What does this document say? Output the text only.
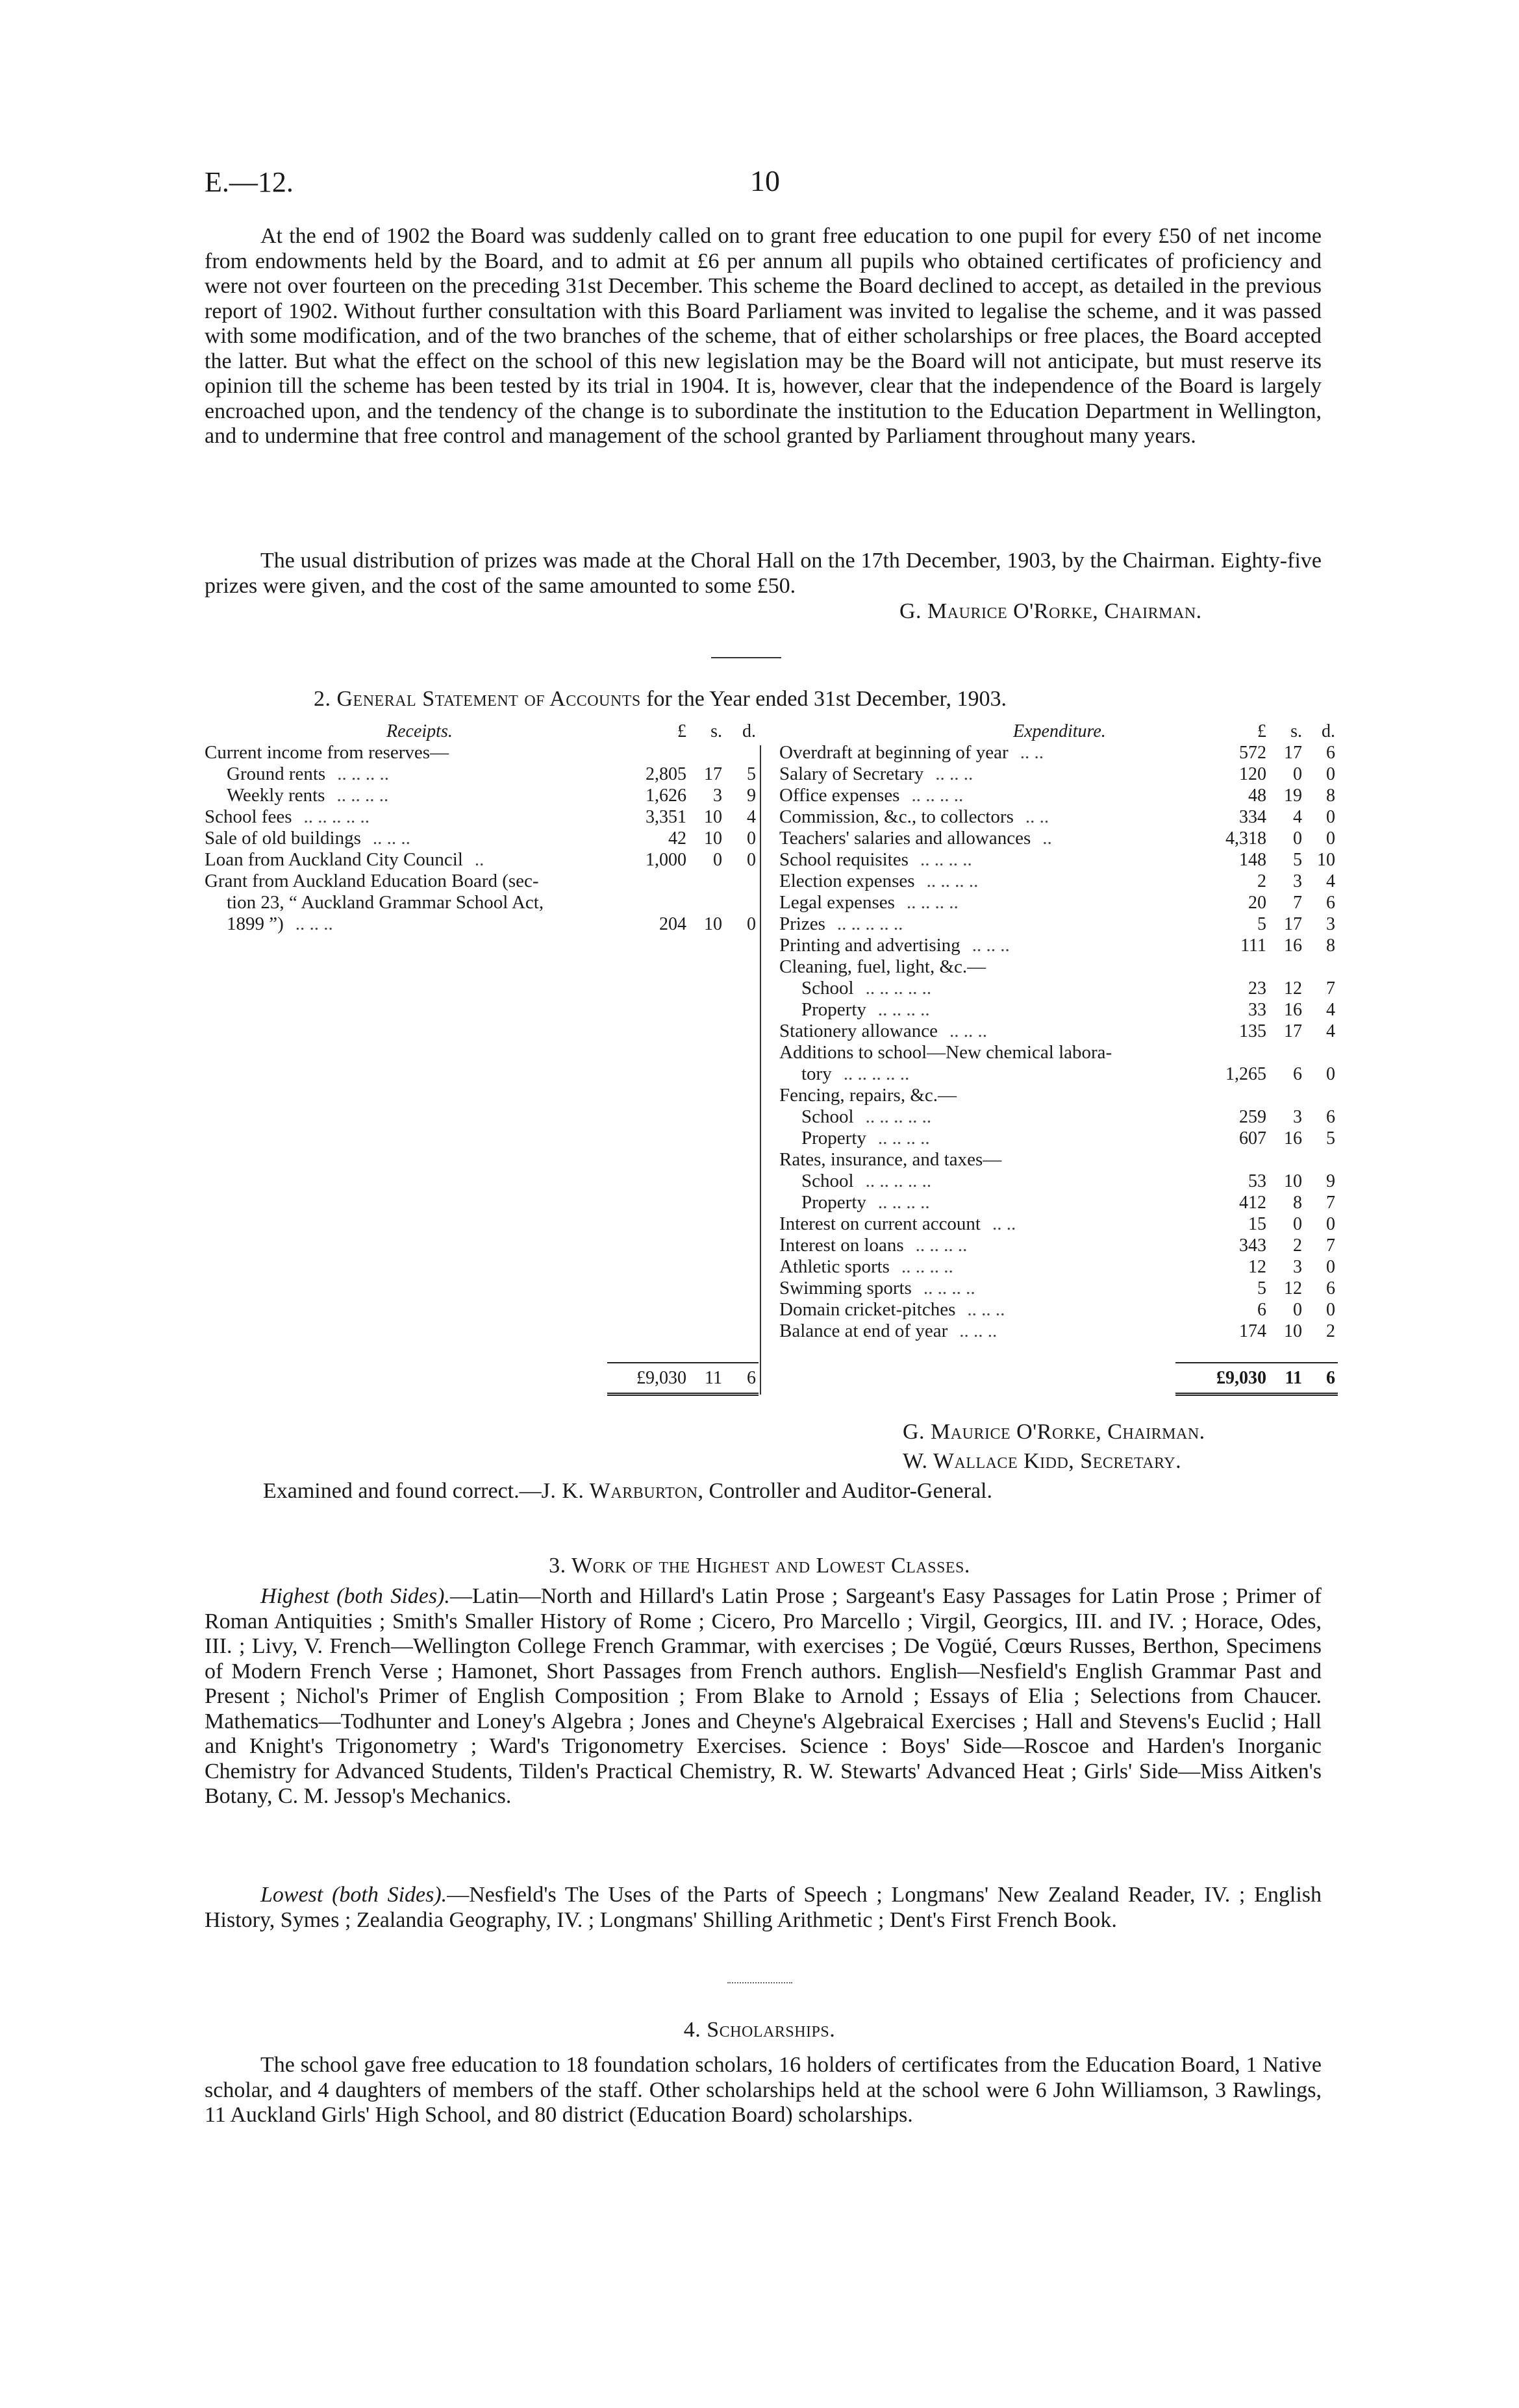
E.—12.	10

At the end of 1902 the Board was suddenly called on to grant free education to one pupil for every £50 of net income from endowments held by the Board, and to admit at £6 per annum all pupils who obtained certificates of proficiency and were not over fourteen on the preceding 31st December. This scheme the Board declined to accept, as detailed in the previous report of 1902. Without further consultation with this Board Parliament was invited to legalise the scheme, and it was passed with some modification, and of the two branches of the scheme, that of either scholarships or free places, the Board accepted the latter. But what the effect on the school of this new legislation may be the Board will not anticipate, but must reserve its opinion till the scheme has been tested by its trial in 1904. It is, however, clear that the independence of the Board is largely encroached upon, and the tendency of the change is to subordinate the institution to the Education Department in Wellington, and to undermine that free control and management of the school granted by Parliament throughout many years.

The usual distribution of prizes was made at the Choral Hall on the 17th December, 1903, by the Chairman. Eighty-five prizes were given, and the cost of the same amounted to some £50.

G. Maurice O'Rorke, Chairman.
2. General Statement of Accounts for the Year ended 31st December, 1903.
Receipts.	£	s.	d.
Current income from reserves—			
Ground rents .. .. .. ..	2,805	17	5
Weekly rents .. .. .. ..	1,626	3	9
School fees .. .. .. .. ..	3,351	10	4
Sale of old buildings .. .. ..	42	10	0
Loan from Auckland City Council ..	1,000	0	0
Grant from Auckland Education Board (sec-			
tion 23, “ Auckland Grammar School Act,			
1899 ”) .. .. ..	204	10	0
Expenditure.	£	s.	d.
Overdraft at beginning of year .. ..	572	17	6
Salary of Secretary .. .. ..	120	0	0
Office expenses .. .. .. ..	48	19	8
Commission, &c., to collectors .. ..	334	4	0
Teachers' salaries and allowances ..	4,318	0	0
School requisites .. .. .. ..	148	5	10
Election expenses .. .. .. ..	2	3	4
Legal expenses .. .. .. ..	20	7	6
Prizes .. .. .. .. ..	5	17	3
Printing and advertising .. .. ..	111	16	8
Cleaning, fuel, light, &c.—			
School .. .. .. .. ..	23	12	7
Property .. .. .. ..	33	16	4
Stationery allowance .. .. ..	135	17	4
Additions to school—New chemical labora-			
tory .. .. .. .. ..	1,265	6	0
Fencing, repairs, &c.—			
School .. .. .. .. ..	259	3	6
Property .. .. .. ..	607	16	5
Rates, insurance, and taxes—			
School .. .. .. .. ..	53	10	9
Property .. .. .. ..	412	8	7
Interest on current account .. ..	15	0	0
Interest on loans .. .. .. ..	343	2	7
Athletic sports .. .. .. ..	12	3	0
Swimming sports .. .. .. ..	5	12	6
Domain cricket-pitches .. .. ..	6	0	0
Balance at end of year .. .. ..	174	10	2
£9,030	11	6	£9,030	11	6
G. Maurice O'Rorke, Chairman.
W. Wallace Kidd, Secretary.
Examined and found correct.—J. K. Warburton, Controller and Auditor-General.
3. Work of the Highest and Lowest Classes.

Highest (both Sides).—Latin—North and Hillard's Latin Prose ; Sargeant's Easy Passages for Latin Prose ; Primer of Roman Antiquities ; Smith's Smaller History of Rome ; Cicero, Pro Marcello ; Virgil, Georgics, III. and IV. ; Horace, Odes, III. ; Livy, V. French—Wellington College French Grammar, with exercises ; De Vogüé, Cœurs Russes, Berthon, Specimens of Modern French Verse ; Hamonet, Short Passages from French authors. English—Nesfield's English Grammar Past and Present ; Nichol's Primer of English Composition ; From Blake to Arnold ; Essays of Elia ; Selections from Chaucer. Mathematics—Todhunter and Loney's Algebra ; Jones and Cheyne's Algebraical Exercises ; Hall and Stevens's Euclid ; Hall and Knight's Trigonometry ; Ward's Trigonometry Exercises. Science : Boys' Side—Roscoe and Harden's Inorganic Chemistry for Advanced Students, Tilden's Practical Chemistry, R. W. Stewarts' Advanced Heat ; Girls' Side—Miss Aitken's Botany, C. M. Jessop's Mechanics.

Lowest (both Sides).—Nesfield's The Uses of the Parts of Speech ; Longmans' New Zealand Reader, IV. ; English History, Symes ; Zealandia Geography, IV. ; Longmans' Shilling Arithmetic ; Dent's First French Book.

4. Scholarships.

The school gave free education to 18 foundation scholars, 16 holders of certificates from the Education Board, 1 Native scholar, and 4 daughters of members of the staff. Other scholarships held at the school were 6 John Williamson, 3 Rawlings, 11 Auckland Girls' High School, and 80 district (Education Board) scholarships.
